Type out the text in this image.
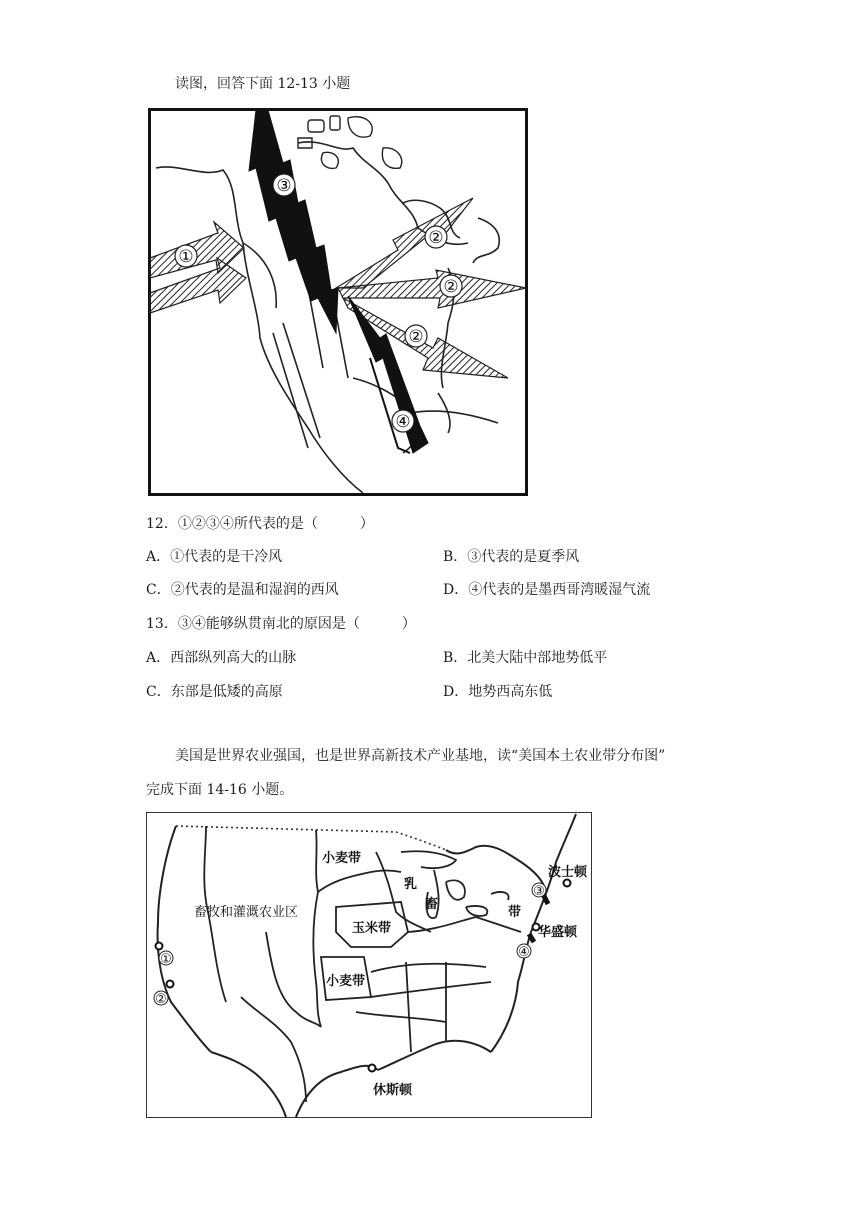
读图，回答下面 12-13 小题
①
②
②
②
③
④
12．①②③④所代表的是（　　　）
A．①代表的是干冷风	B．③代表的是夏季风
C．②代表的是温和湿润的西风	D．④代表的是墨西哥湾暖湿气流
13．③④能够纵贯南北的原因是（　　　）
A．西部纵列高大的山脉	B．北美大陆中部地势低平
C．东部是低矮的高原	D．地势西高东低
美国是世界农业强国，也是世界高新技术产业基地，读“美国本土农业带分布图”
完成下面 14-16 小题。
小麦带
乳
畜
带
畜牧和灌溉农业区
玉米带
小麦带
波士顿
华盛顿
休斯顿
①
②
③
④
